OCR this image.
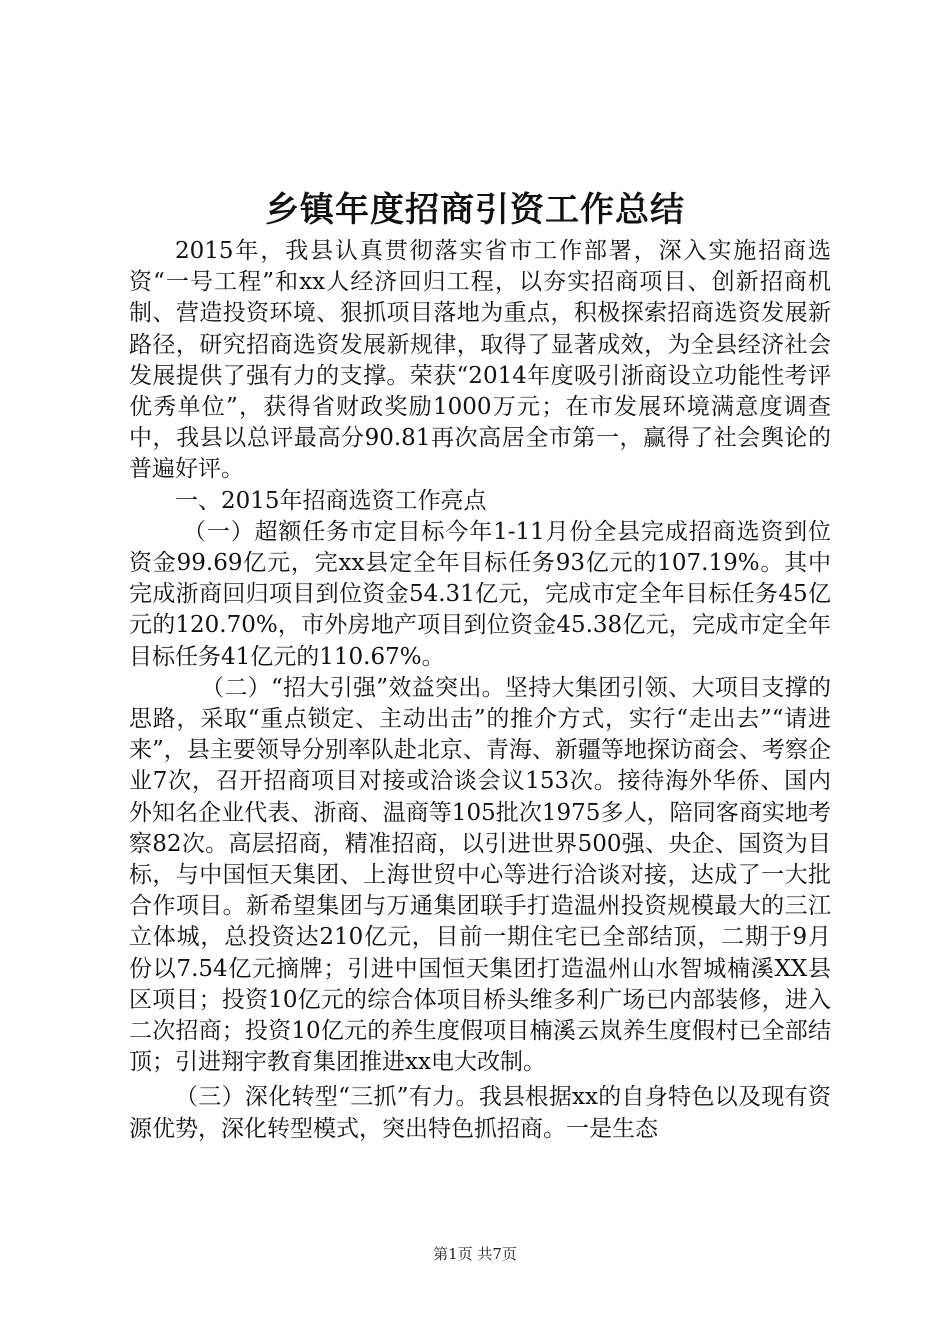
乡镇年度招商引资工作总结

2015年，我县认真贯彻落实省市工作部署，深入实施招商选资“一号工程”和xx人经济回归工程，以夯实招商项目、创新招商机制、营造投资环境、狠抓项目落地为重点，积极探索招商选资发展新路径，研究招商选资发展新规律，取得了显著成效，为全县经济社会发展提供了强有力的支撑。荣获“2014年度吸引浙商设立功能性考评优秀单位”，获得省财政奖励1000万元；在市发展环境满意度调查中，我县以总评最高分90.81再次高居全市第一，赢得了社会舆论的普遍好评。

一、2015年招商选资工作亮点

（一）超额任务市定目标今年1-11月份全县完成招商选资到位资金99.69亿元，完xx县定全年目标任务93亿元的107.19%。其中完成浙商回归项目到位资金54.31亿元，完成市定全年目标任务45亿元的120.70%，市外房地产项目到位资金45.38亿元，完成市定全年目标任务41亿元的110.67%。

（二）“招大引强”效益突出。坚持大集团引领、大项目支撑的思路，采取“重点锁定、主动出击”的推介方式，实行“走出去”“请进来”，县主要领导分别率队赴北京、青海、新疆等地探访商会、考察企业7次，召开招商项目对接或洽谈会议153次。接待海外华侨、国内外知名企业代表、浙商、温商等105批次1975多人，陪同客商实地考察82次。高层招商，精准招商，以引进世界500强、央企、国资为目标，与中国恒天集团、上海世贸中心等进行洽谈对接，达成了一大批合作项目。新希望集团与万通集团联手打造温州投资规模最大的三江立体城，总投资达210亿元，目前一期住宅已全部结顶，二期于9月份以7.54亿元摘牌；引进中国恒天集团打造温州山水智城楠溪XX县区项目；投资10亿元的综合体项目桥头维多利广场已内部装修，进入二次招商；投资10亿元的养生度假项目楠溪云岚养生度假村已全部结顶；引进翔宇教育集团推进xx电大改制。

（三）深化转型“三抓”有力。我县根据xx的自身特色以及现有资源优势，深化转型模式，突出特色抓招商。一是生态

第1页 共7页
